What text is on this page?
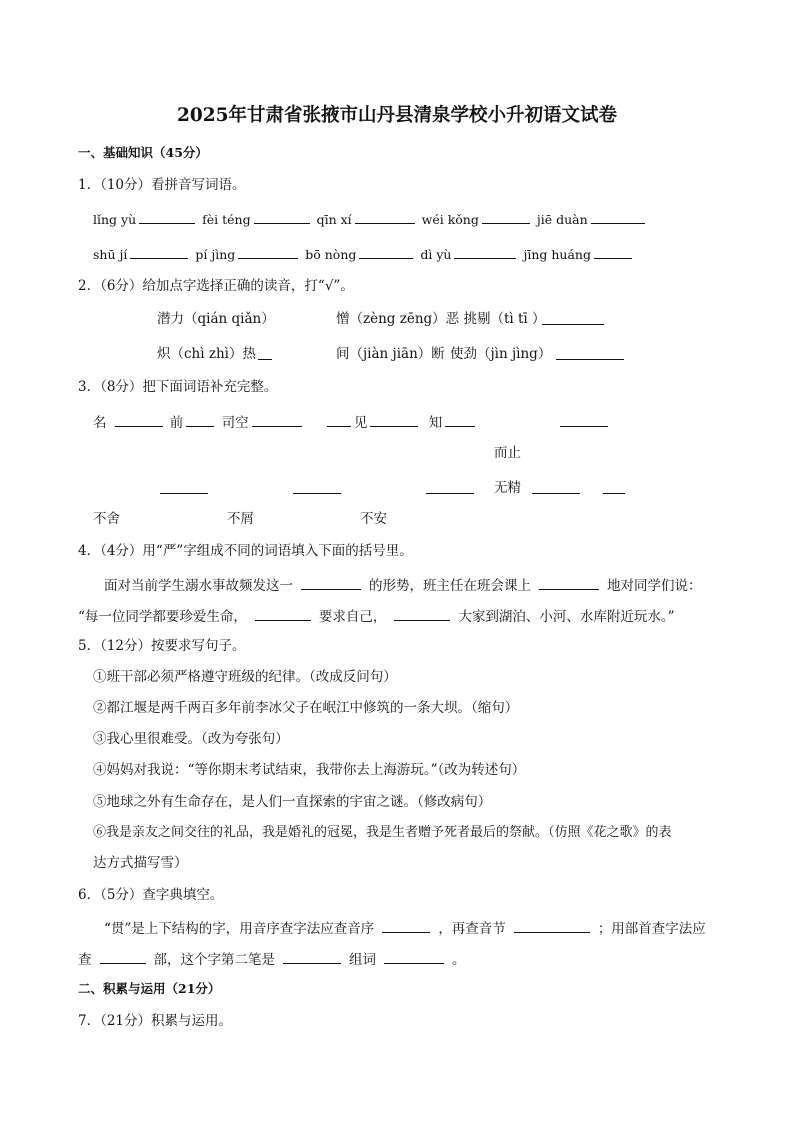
2025年甘肃省张掖市山丹县清泉学校小升初语文试卷
一、基础知识（45分）
1．（10分）看拼音写词语。
lǐng yù	fèi téng	qīn xí	wéi kǒng	jiē duàn
shū jí	pí jìng	bō nòng	dì yù	jīng huáng
2．（6分）给加点字选择正确的读音，打“√”。
潜力（qián qiǎn）	憎（zèng zēng）恶 挑剔（tì tī ）
炽（chì zhì）热	间（jiàn jiān）断 使劲（jìn jìng）
3．（8分）把下面词语补充完整。
名	前	司空	见	知
而止
无精
不舍	不屑	不安
4．（4分）用“严”字组成不同的词语填入下面的括号里。
面对当前学生溺水事故频发这一	的形势，班主任在班会课上	地对同学们说：
“每一位同学都要珍爱生命，	要求自己，	大家到湖泊、小河、水库附近玩水。”
5．（12分）按要求写句子。
①班干部必须严格遵守班级的纪律。（改成反问句）
②都江堰是两千两百多年前李冰父子在岷江中修筑的一条大坝。（缩句）
③我心里很难受。（改为夸张句）
④妈妈对我说：“等你期末考试结束，我带你去上海游玩。”（改为转述句）
⑤地球之外有生命存在，是人们一直探索的宇宙之谜。（修改病句）
⑥我是亲友之间交往的礼品，我是婚礼的冠冕，我是生者赠予死者最后的祭献。（仿照《花之歌》的表
达方式描写雪）
6．（5分）查字典填空。
“贯”是上下结构的字，用音序查字法应查音序	，再查音节	；用部首查字法应
查	部，这个字第二笔是	组词	。
二、积累与运用（21分）
7．（21分）积累与运用。
